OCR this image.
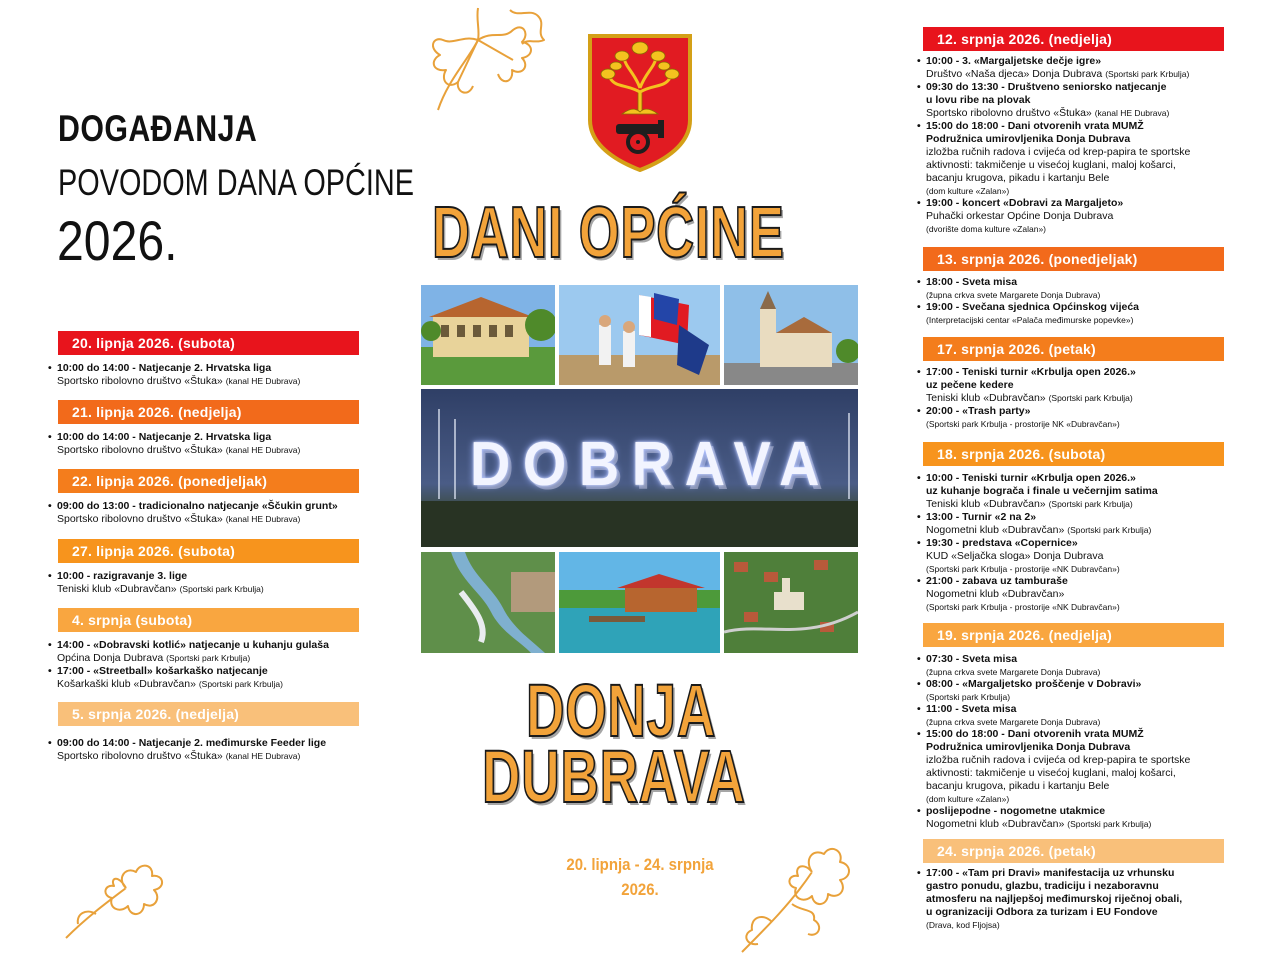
DOGAĐANJA
POVODOM DANA OPĆINE
2026.
20. lipnja 2026. (subota)
• 10:00 do 14:00 - Natjecanje 2. Hrvatska liga
Sportsko ribolovno društvo «Štuka» (kanal HE Dubrava)
21. lipnja 2026. (nedjelja)
• 10:00 do 14:00 - Natjecanje 2. Hrvatska liga
Sportsko ribolovno društvo «Štuka» (kanal HE Dubrava)
22. lipnja 2026. (ponedjeljak)
• 09:00 do 13:00 - tradicionalno natjecanje «Ščukin grunt»
Sportsko ribolovno društvo «Štuka» (kanal HE Dubrava)
27. lipnja 2026. (subota)
• 10:00 - razigravanje 3. lige
Teniski klub «Dubravčan» (Sportski park Krbulja)
4. srpnja (subota)
• 14:00 - «Dobravski kotlić» natjecanje u kuhanju gulaša
Općina Donja Dubrava (Sportski park Krbulja)
• 17:00 - «Streetball» košarkaško natjecanje
Košarkaški klub «Dubravčan» (Sportski park Krbulja)
5. srpnja 2026. (nedjelja)
• 09:00 do 14:00 - Natjecanje 2. međimurske Feeder lige
Sportsko ribolovno društvo «Štuka» (kanal HE Dubrava)
DANI OPĆINE
DOBRAVA
DONJA
DUBRAVA
20. lipnja - 24. srpnja
2026.
12. srpnja 2026. (nedjelja)
• 10:00 - 3. «Margaljetske dečje igre»
Društvo «Naša djeca» Donja Dubrava (Sportski park Krbulja)
• 09:30 do 13:30 - Društveno seniorsko natjecanje
u lovu ribe na plovak
Sportsko ribolovno društvo «Štuka» (kanal HE Dubrava)
• 15:00 do 18:00 - Dani otvorenih vrata MUMŽ
Podružnica umirovljenika Donja Dubrava
izložba ručnih radova i cvijeća od krep-papira te sportske
aktivnosti: takmičenje u visećoj kuglani, maloj košarci,
bacanju krugova, pikadu i kartanju Bele
(dom kulture «Zalan»)
• 19:00 - koncert «Dobravi za Margaljeto»
Puhački orkestar Općine Donja Dubrava
(dvorište doma kulture «Zalan»)
13. srpnja 2026. (ponedjeljak)
• 18:00 - Sveta misa
(župna crkva svete Margarete Donja Dubrava)
• 19:00 - Svečana sjednica Općinskog vijeća
(Interpretacijski centar «Palača međimurske popevke»)
17. srpnja 2026. (petak)
• 17:00 - Teniski turnir «Krbulja open 2026.»
uz pečene kedere
Teniski klub «Dubravčan» (Sportski park Krbulja)
• 20:00 - «Trash party»
(Sportski park Krbulja - prostorije NK «Dubravčan»)
18. srpnja 2026. (subota)
• 10:00 - Teniski turnir «Krbulja open 2026.»
uz kuhanje bograča i finale u večernjim satima
Teniski klub «Dubravčan» (Sportski park Krbulja)
• 13:00 - Turnir «2 na 2»
Nogometni klub «Dubravčan» (Sportski park Krbulja)
• 19:30 - predstava «Copernice»
KUD «Seljačka sloga» Donja Dubrava
(Sportski park Krbulja - prostorije «NK Dubravčan»)
• 21:00 - zabava uz tamburaše
Nogometni klub «Dubravčan»
(Sportski park Krbulja - prostorije «NK Dubravčan»)
19. srpnja 2026. (nedjelja)
• 07:30 - Sveta misa
(župna crkva svete Margarete Donja Dubrava)
• 08:00 - «Margaljetsko proščenje v Dobravi»
(Sportski park Krbulja)
• 11:00 - Sveta misa
(župna crkva svete Margarete Donja Dubrava)
• 15:00 do 18:00 - Dani otvorenih vrata MUMŽ
Podružnica umirovljenika Donja Dubrava
izložba ručnih radova i cvijeća od krep-papira te sportske
aktivnosti: takmičenje u visećoj kuglani, maloj košarci,
bacanju krugova, pikadu i kartanju Bele
(dom kulture «Zalan»)
• poslijepodne - nogometne utakmice
Nogometni klub «Dubravčan» (Sportski park Krbulja)
24. srpnja 2026. (petak)
• 17:00 - «Tam pri Dravi» manifestacija uz vrhunsku
gastro ponudu, glazbu, tradiciju i nezaboravnu
atmosferu na najljepšoj međimurskoj riječnoj obali,
u ogranizaciji Odbora za turizam i EU Fondove
(Drava, kod Fljojsa)
